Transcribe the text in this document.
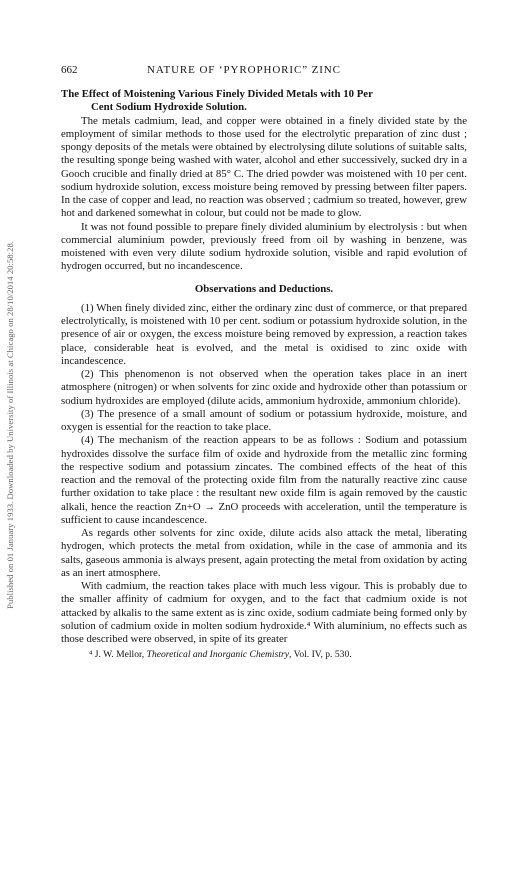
Published on 01 January 1933. Downloaded by University of Illinois at Chicago on 28/10/2014 20:58:28.
662	NATURE OF ‘PYROPHORIC” ZINC
The Effect of Moistening Various Finely Divided Metals with 10 Per
Cent Sodium Hydroxide Solution.

The metals cadmium, lead, and copper were obtained in a finely divided state by the employment of similar methods to those used for the electrolytic preparation of zinc dust ; spongy deposits of the metals were obtained by electrolysing dilute solutions of suitable salts, the resulting sponge being washed with water, alcohol and ether successively, sucked dry in a Gooch crucible and finally dried at 85° C. The dried powder was moistened with 10 per cent. sodium hydroxide solution, excess moisture being removed by pressing between filter papers. In the case of copper and lead, no reaction was observed ; cadmium so treated, however, grew hot and darkened somewhat in colour, but could not be made to glow.

It was not found possible to prepare finely divided aluminium by electrolysis : but when commercial aluminium powder, previously freed from oil by washing in benzene, was moistened with even very dilute sodium hydroxide solution, visible and rapid evolution of hydrogen occurred, but no incandescence.

Observations and Deductions.

(1) When finely divided zinc, either the ordinary zinc dust of commerce, or that prepared electrolytically, is moistened with 10 per cent. sodium or potassium hydroxide solution, in the presence of air or oxygen, the excess moisture being removed by expression, a reaction takes place, considerable heat is evolved, and the metal is oxidised to zinc oxide with incandescence.

(2) This phenomenon is not observed when the operation takes place in an inert atmosphere (nitrogen) or when solvents for zinc oxide and hydroxide other than potassium or sodium hydroxides are employed (dilute acids, ammonium hydroxide, ammonium chloride).

(3) The presence of a small amount of sodium or potassium hydroxide, moisture, and oxygen is essential for the reaction to take place.

(4) The mechanism of the reaction appears to be as follows : Sodium and potassium hydroxides dissolve the surface film of oxide and hydroxide from the metallic zinc forming the respective sodium and potassium zincates. The combined effects of the heat of this reaction and the removal of the protecting oxide film from the naturally reactive zinc cause further oxidation to take place : the resultant new oxide film is again removed by the caustic alkali, hence the reaction Zn+O → ZnO proceeds with acceleration, until the temperature is sufficient to cause incandescence.

As regards other solvents for zinc oxide, dilute acids also attack the metal, liberating hydrogen, which protects the metal from oxidation, while in the case of ammonia and its salts, gaseous ammonia is always present, again protecting the metal from oxidation by acting as an inert atmosphere.

With cadmium, the reaction takes place with much less vigour. This is probably due to the smaller affinity of cadmium for oxygen, and to the fact that cadmium oxide is not attacked by alkalis to the same extent as is zinc oxide, sodium cadmiate being formed only by solution of cadmium oxide in molten sodium hydroxide.⁴ With aluminium, no effects such as those described were observed, in spite of its greater

⁴ J. W. Mellor, Theoretical and Inorganic Chemistry, Vol. IV, p. 530.
